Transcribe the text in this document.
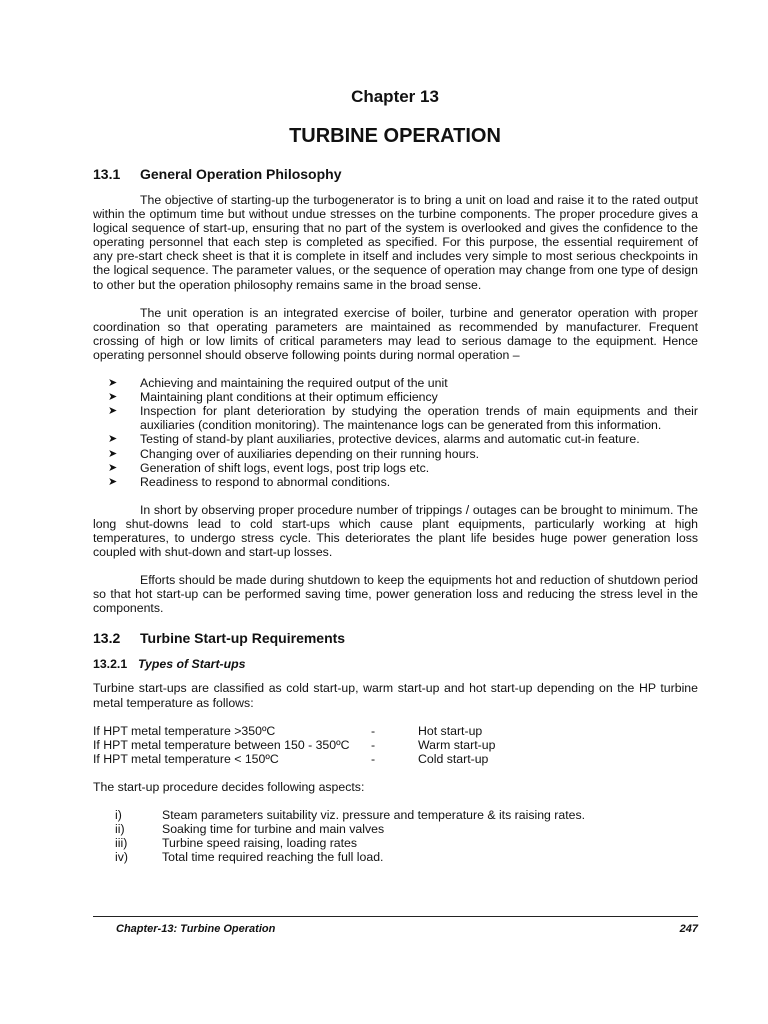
Chapter 13
TURBINE OPERATION
13.1 General Operation Philosophy

The objective of starting-up the turbogenerator is to bring a unit on load and raise it to the rated output within the optimum time but without undue stresses on the turbine components. The proper procedure gives a logical sequence of start-up, ensuring that no part of the system is overlooked and gives the confidence to the operating personnel that each step is completed as specified. For this purpose, the essential requirement of any pre-start check sheet is that it is complete in itself and includes very simple to most serious checkpoints in the logical sequence. The parameter values, or the sequence of operation may change from one type of design to other but the operation philosophy remains same in the broad sense.

The unit operation is an integrated exercise of boiler, turbine and generator operation with proper coordination so that operating parameters are maintained as recommended by manufacturer. Frequent crossing of high or low limits of critical parameters may lead to serious damage to the equipment. Hence operating personnel should observe following points during normal operation –

➤ Achieving and maintaining the required output of the unit
➤ Maintaining plant conditions at their optimum efficiency
➤ Inspection for plant deterioration by studying the operation trends of main equipments and their auxiliaries (condition monitoring). The maintenance logs can be generated from this information.
➤ Testing of stand-by plant auxiliaries, protective devices, alarms and automatic cut-in feature.
➤ Changing over of auxiliaries depending on their running hours.
➤ Generation of shift logs, event logs, post trip logs etc.
➤ Readiness to respond to abnormal conditions.

In short by observing proper procedure number of trippings / outages can be brought to minimum. The long shut-downs lead to cold start-ups which cause plant equipments, particularly working at high temperatures, to undergo stress cycle. This deteriorates the plant life besides huge power generation loss coupled with shut-down and start-up losses.

Efforts should be made during shutdown to keep the equipments hot and reduction of shutdown period so that hot start-up can be performed saving time, power generation loss and reducing the stress level in the components.

13.2 Turbine Start-up Requirements
13.2.1 Types of Start-ups

Turbine start-ups are classified as cold start-up, warm start-up and hot start-up depending on the HP turbine metal temperature as follows:

If HPT metal temperature >350ºC	-	Hot start-up
If HPT metal temperature between 150 - 350ºC	-	Warm start-up
If HPT metal temperature < 150ºC	-	Cold start-up

The start-up procedure decides following aspects:

i)	Steam parameters suitability viz. pressure and temperature & its raising rates.
ii)	Soaking time for turbine and main valves
iii)	Turbine speed raising, loading rates
iv)	Total time required reaching the full load.
Chapter-13: Turbine Operation	247
